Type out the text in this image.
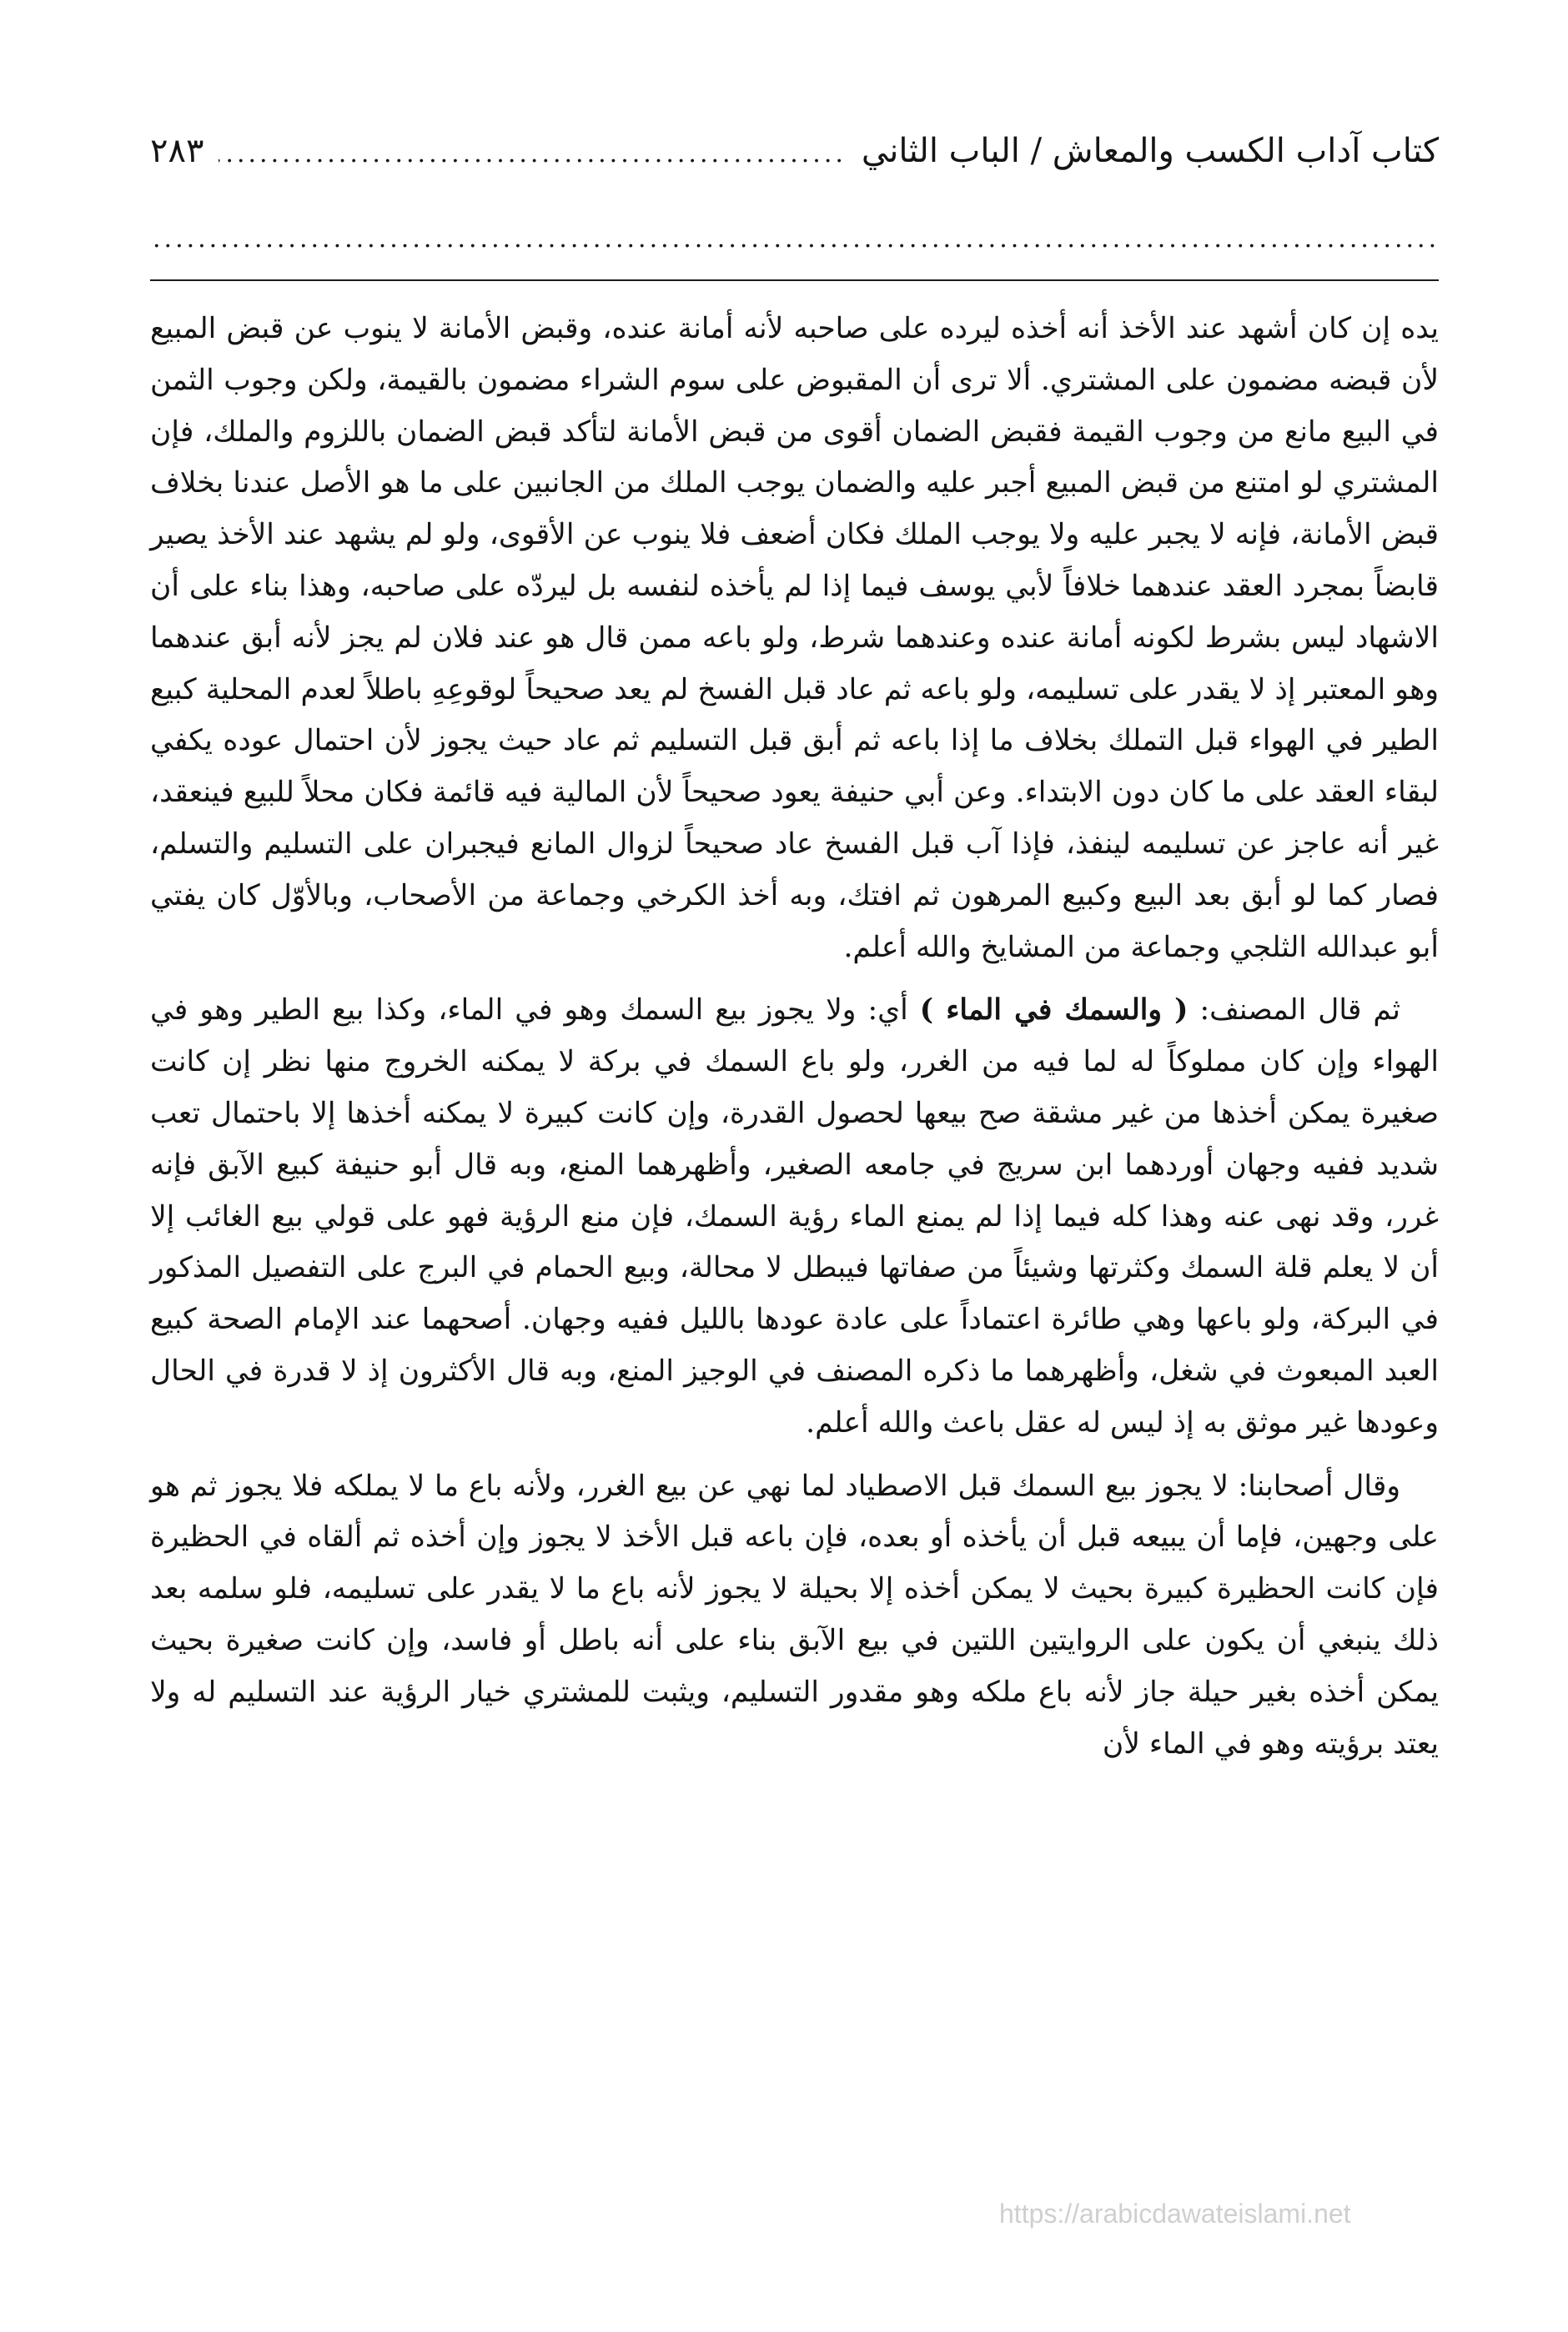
كتاب آداب الكسب والمعاش / الباب الثاني
.....
٢٨٣
.....

يده إن كان أشهد عند الأخذ أنه أخذه ليرده على صاحبه لأنه أمانة عنده، وقبض الأمانة لا ينوب عن قبض المبيع لأن قبضه مضمون على المشتري. ألا ترى أن المقبوض على سوم الشراء مضمون بالقيمة، ولكن وجوب الثمن في البيع مانع من وجوب القيمة فقبض الضمان أقوى من قبض الأمانة لتأكد قبض الضمان باللزوم والملك، فإن المشتري لو امتنع من قبض المبيع أجبر عليه والضمان يوجب الملك من الجانبين على ما هو الأصل عندنا بخلاف قبض الأمانة، فإنه لا يجبر عليه ولا يوجب الملك فكان أضعف فلا ينوب عن الأقوى، ولو لم يشهد عند الأخذ يصير قابضاً بمجرد العقد عندهما خلافاً لأبي يوسف فيما إذا لم يأخذه لنفسه بل ليردّه على صاحبه، وهذا بناء على أن الاشهاد ليس بشرط لكونه أمانة عنده وعندهما شرط، ولو باعه ممن قال هو عند فلان لم يجز لأنه أبق عندهما وهو المعتبر إذ لا يقدر على تسليمه، ولو باعه ثم عاد قبل الفسخ لم يعد صحيحاً لوقوعِهِ باطلاً لعدم المحلية كبيع الطير في الهواء قبل التملك بخلاف ما إذا باعه ثم أبق قبل التسليم ثم عاد حيث يجوز لأن احتمال عوده يكفي لبقاء العقد على ما كان دون الابتداء. وعن أبي حنيفة يعود صحيحاً لأن المالية فيه قائمة فكان محلاً للبيع فينعقد، غير أنه عاجز عن تسليمه لينفذ، فإذا آب قبل الفسخ عاد صحيحاً لزوال المانع فيجبران على التسليم والتسلم، فصار كما لو أبق بعد البيع وكبيع المرهون ثم افتك، وبه أخذ الكرخي وجماعة من الأصحاب، وبالأوّل كان يفتي أبو عبدالله الثلجي وجماعة من المشايخ والله أعلم.

ثم قال المصنف: ( والسمك في الماء ) أي: ولا يجوز بيع السمك وهو في الماء، وكذا بيع الطير وهو في الهواء وإن كان مملوكاً له لما فيه من الغرر، ولو باع السمك في بركة لا يمكنه الخروج منها نظر إن كانت صغيرة يمكن أخذها من غير مشقة صح بيعها لحصول القدرة، وإن كانت كبيرة لا يمكنه أخذها إلا باحتمال تعب شديد ففيه وجهان أوردهما ابن سريج في جامعه الصغير، وأظهرهما المنع، وبه قال أبو حنيفة كبيع الآبق فإنه غرر، وقد نهى عنه وهذا كله فيما إذا لم يمنع الماء رؤية السمك، فإن منع الرؤية فهو على قولي بيع الغائب إلا أن لا يعلم قلة السمك وكثرتها وشيئاً من صفاتها فيبطل لا محالة، وبيع الحمام في البرج على التفصيل المذكور في البركة، ولو باعها وهي طائرة اعتماداً على عادة عودها بالليل ففيه وجهان. أصحهما عند الإمام الصحة كبيع العبد المبعوث في شغل، وأظهرهما ما ذكره المصنف في الوجيز المنع، وبه قال الأكثرون إذ لا قدرة في الحال وعودها غير موثق به إذ ليس له عقل باعث والله أعلم.

وقال أصحابنا: لا يجوز بيع السمك قبل الاصطياد لما نهي عن بيع الغرر، ولأنه باع ما لا يملكه فلا يجوز ثم هو على وجهين، فإما أن يبيعه قبل أن يأخذه أو بعده، فإن باعه قبل الأخذ لا يجوز وإن أخذه ثم ألقاه في الحظيرة فإن كانت الحظيرة كبيرة بحيث لا يمكن أخذه إلا بحيلة لا يجوز لأنه باع ما لا يقدر على تسليمه، فلو سلمه بعد ذلك ينبغي أن يكون على الروايتين اللتين في بيع الآبق بناء على أنه باطل أو فاسد، وإن كانت صغيرة بحيث يمكن أخذه بغير حيلة جاز لأنه باع ملكه وهو مقدور التسليم، ويثبت للمشتري خيار الرؤية عند التسليم له ولا يعتد برؤيته وهو في الماء لأن

https://arabicdawateislami.net
